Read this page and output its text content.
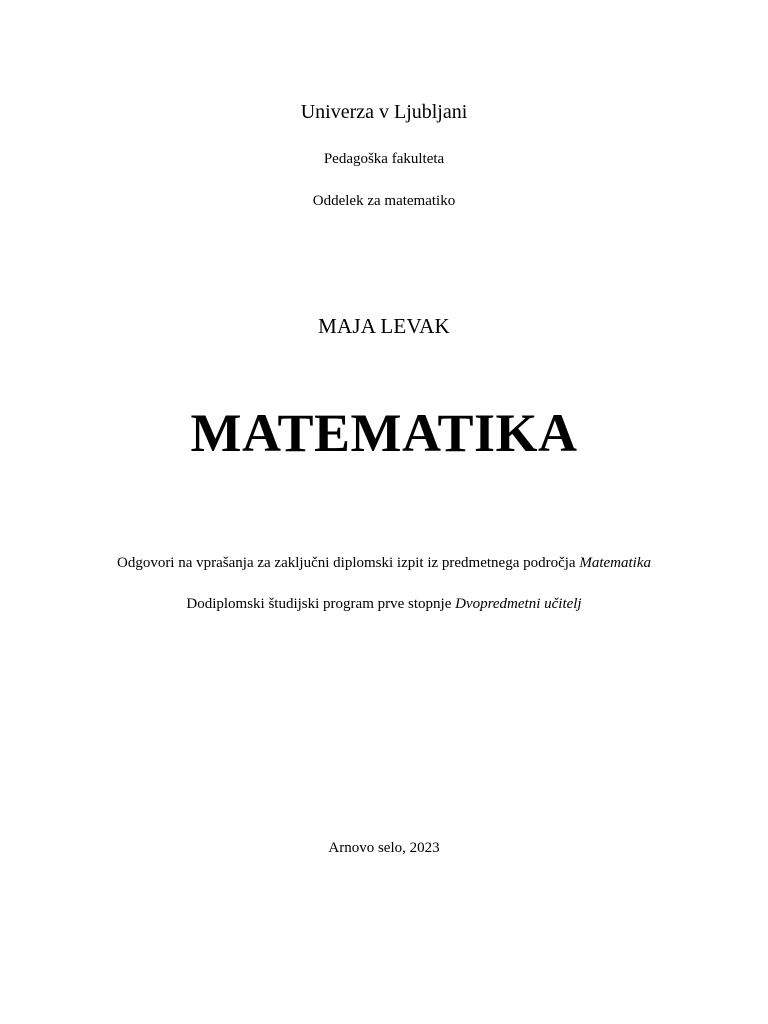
Univerza v Ljubljani
Pedagoška fakulteta
Oddelek za matematiko
MAJA LEVAK
MATEMATIKA
Odgovori na vprašanja za zaključni diplomski izpit iz predmetnega področja Matematika
Dodiplomski študijski program prve stopnje Dvopredmetni učitelj
Arnovo selo, 2023
